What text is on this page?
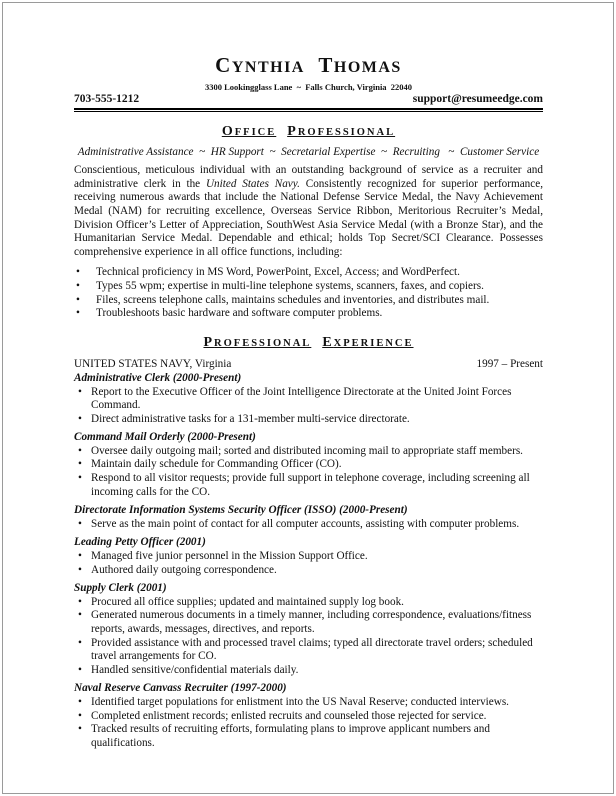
CYNTHIA THOMAS
3300 Lookingglass Lane  ~  Falls Church, Virginia  22040
703-555-1212	support@resumeedge.com
OFFICE PROFESSIONAL
Administrative Assistance  ~  HR Support  ~  Secretarial Expertise  ~  Recruiting   ~  Customer Service
Conscientious, meticulous individual with an outstanding background of service as a recruiter and administrative clerk in the United States Navy. Consistently recognized for superior performance, receiving numerous awards that include the National Defense Service Medal, the Navy Achievement Medal (NAM) for recruiting excellence, Overseas Service Ribbon, Meritorious Recruiter’s Medal, Division Officer’s Letter of Appreciation, SouthWest Asia Service Medal (with a Bronze Star), and the Humanitarian Service Medal. Dependable and ethical; holds Top Secret/SCI Clearance. Possesses comprehensive experience in all office functions, including:
• Technical proficiency in MS Word, PowerPoint, Excel, Access; and WordPerfect.
• Types 55 wpm; expertise in multi-line telephone systems, scanners, faxes, and copiers.
• Files, screens telephone calls, maintains schedules and inventories, and distributes mail.
• Troubleshoots basic hardware and software computer problems.
PROFESSIONAL EXPERIENCE
UNITED STATES NAVY, Virginia	1997 – Present
Administrative Clerk (2000-Present)
• Report to the Executive Officer of the Joint Intelligence Directorate at the United Joint Forces Command.
• Direct administrative tasks for a 131-member multi-service directorate.
Command Mail Orderly (2000-Present)
• Oversee daily outgoing mail; sorted and distributed incoming mail to appropriate staff members.
• Maintain daily schedule for Commanding Officer (CO).
• Respond to all visitor requests; provide full support in telephone coverage, including screening all incoming calls for the CO.
Directorate Information Systems Security Officer (ISSO) (2000-Present)
• Serve as the main point of contact for all computer accounts, assisting with computer problems.
Leading Petty Officer (2001)
• Managed five junior personnel in the Mission Support Office.
• Authored daily outgoing correspondence.
Supply Clerk (2001)
• Procured all office supplies; updated and maintained supply log book.
• Generated numerous documents in a timely manner, including correspondence, evaluations/fitness reports, awards, messages, directives, and reports.
• Provided assistance with and processed travel claims; typed all directorate travel orders; scheduled travel arrangements for CO.
• Handled sensitive/confidential materials daily.
Naval Reserve Canvass Recruiter (1997-2000)
• Identified target populations for enlistment into the US Naval Reserve; conducted interviews.
• Completed enlistment records; enlisted recruits and counseled those rejected for service.
• Tracked results of recruiting efforts, formulating plans to improve applicant numbers and qualifications.
